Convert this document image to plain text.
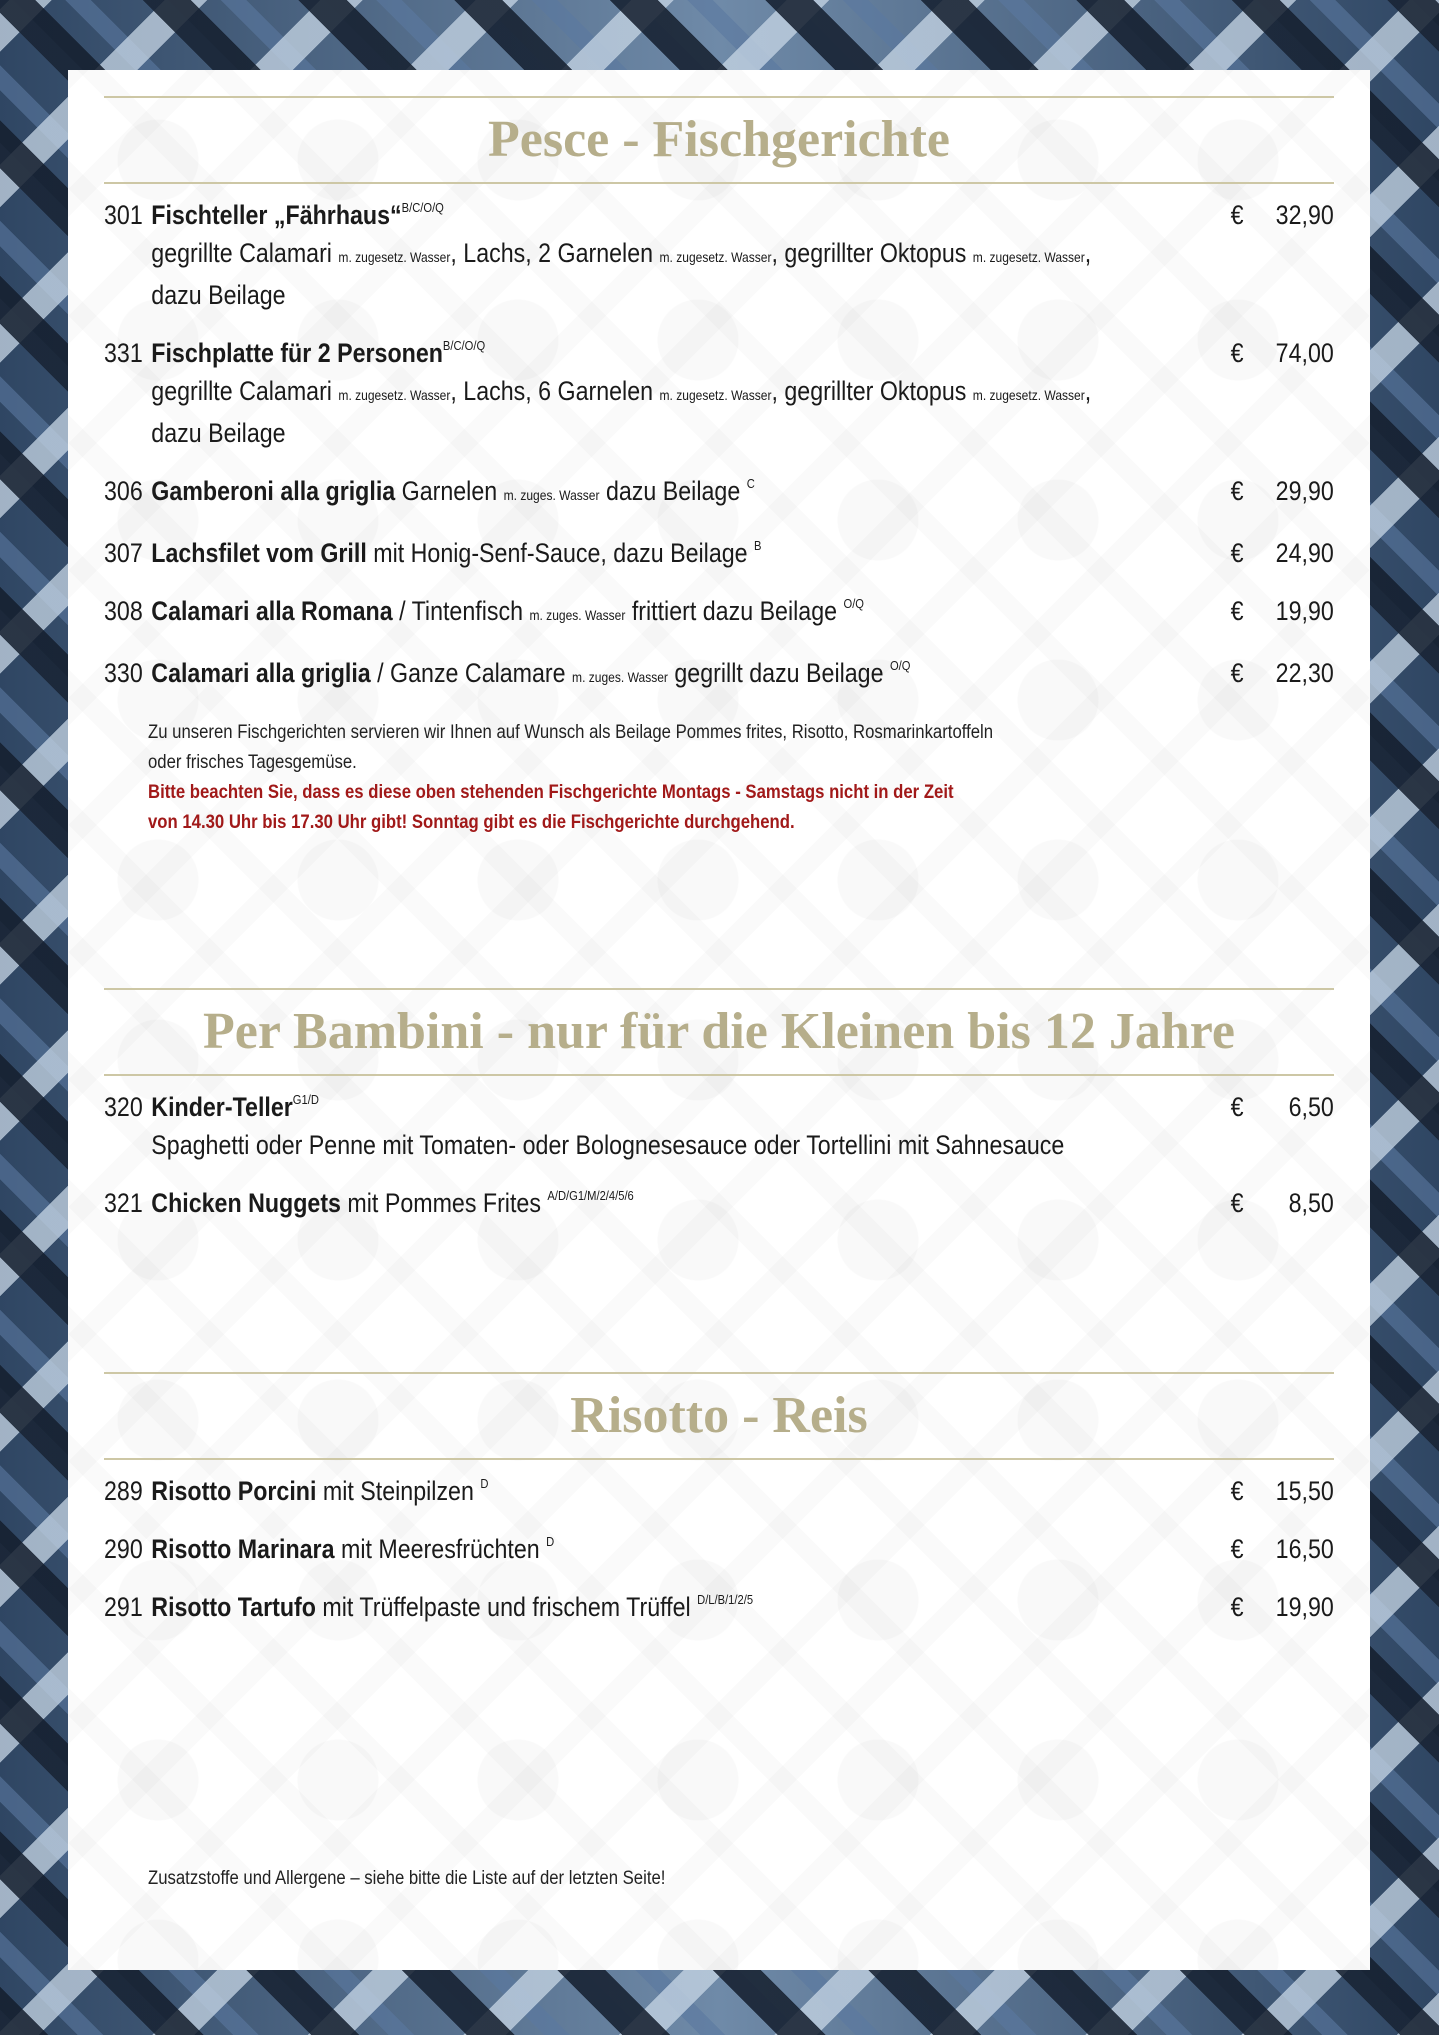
Pesce - Fischgerichte
301 Fischteller „Fährhaus“$^{B/C/O/Q}$
gegrillte Calamari m. zugesetz. Wasser, Lachs, 2 Garnelen m. zugesetz. Wasser, gegrillter Oktopus m. zugesetz. Wasser,
dazu Beilage
€ 32,90
331 Fischplatte für 2 Personen$^{B/C/O/Q}$
gegrillte Calamari m. zugesetz. Wasser, Lachs, 6 Garnelen m. zugesetz. Wasser, gegrillter Oktopus m. zugesetz. Wasser,
dazu Beilage
€ 74,00
306 Gamberoni alla griglia Garnelen m. zuges. Wasser dazu Beilage $^C$	€ 29,90
307 Lachsfilet vom Grill mit Honig-Senf-Sauce, dazu Beilage $^B$	€ 24,90
308 Calamari alla Romana / Tintenfisch m. zuges. Wasser frittiert dazu Beilage $^{O/Q}$	€ 19,90
330 Calamari alla griglia / Ganze Calamare m. zuges. Wasser gegrillt dazu Beilage $^{O/Q}$	€ 22,30
Zu unseren Fischgerichten servieren wir Ihnen auf Wunsch als Beilage Pommes frites, Risotto, Rosmarinkartoffeln
oder frisches Tagesgemüse.
Bitte beachten Sie, dass es diese oben stehenden Fischgerichte Montags - Samstags nicht in der Zeit
von 14.30 Uhr bis 17.30 Uhr gibt! Sonntag gibt es die Fischgerichte durchgehend.
Per Bambini - nur für die Kleinen bis 12 Jahre
320 Kinder-Teller$^{G1/D}$
Spaghetti oder Penne mit Tomaten- oder Bolognesesauce oder Tortellini mit Sahnesauce
€ 6,50
321 Chicken Nuggets mit Pommes Frites $^{A/D/G1/M/2/4/5/6}$	€ 8,50
Risotto - Reis
289 Risotto Porcini mit Steinpilzen $^D$	€ 15,50
290 Risotto Marinara mit Meeresfrüchten $^D$	€ 16,50
291 Risotto Tartufo mit Trüffelpaste und frischem Trüffel $^{D/L/B/1/2/5}$	€ 19,90
Zusatzstoffe und Allergene – siehe bitte die Liste auf der letzten Seite!
